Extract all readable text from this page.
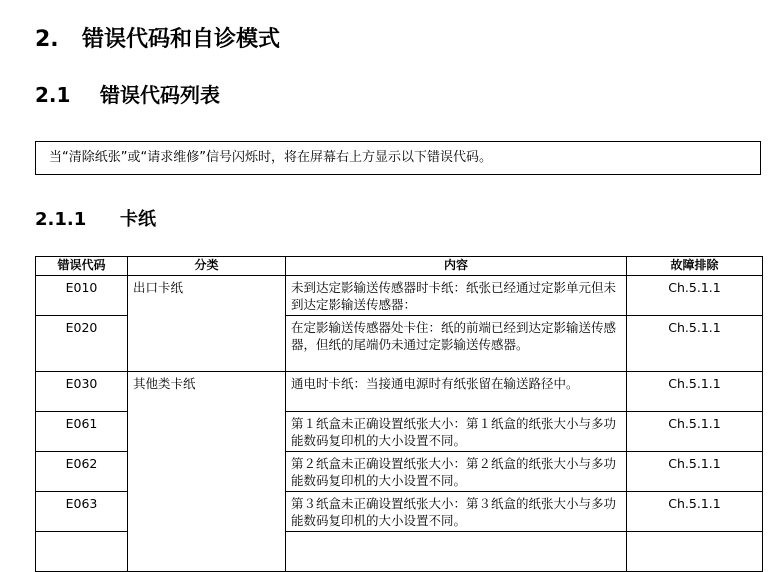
2. 错误代码和自诊模式
2.1 错误代码列表
当“清除纸张”或“请求维修”信号闪烁时，将在屏幕右上方显示以下错误代码。
2.1.1 卡纸
错误代码	分类	内容	故障排除
E010	出口卡纸	未到达定影输送传感器时卡纸：纸张已经通过定影单元但未到达定影输送传感器：	Ch.5.1.1
E020		在定影输送传感器处卡住：纸的前端已经到达定影输送传感器，但纸的尾端仍未通过定影输送传感器。	Ch.5.1.1
E030	其他类卡纸	通电时卡纸：当接通电源时有纸张留在输送路径中。	Ch.5.1.1
E061		第１纸盒未正确设置纸张大小：第１纸盒的纸张大小与多功能数码复印机的大小设置不同。	Ch.5.1.1
E062		第２纸盒未正确设置纸张大小：第２纸盒的纸张大小与多功能数码复印机的大小设置不同。	Ch.5.1.1
E063		第３纸盒未正确设置纸张大小：第３纸盒的纸张大小与多功能数码复印机的大小设置不同。	Ch.5.1.1
